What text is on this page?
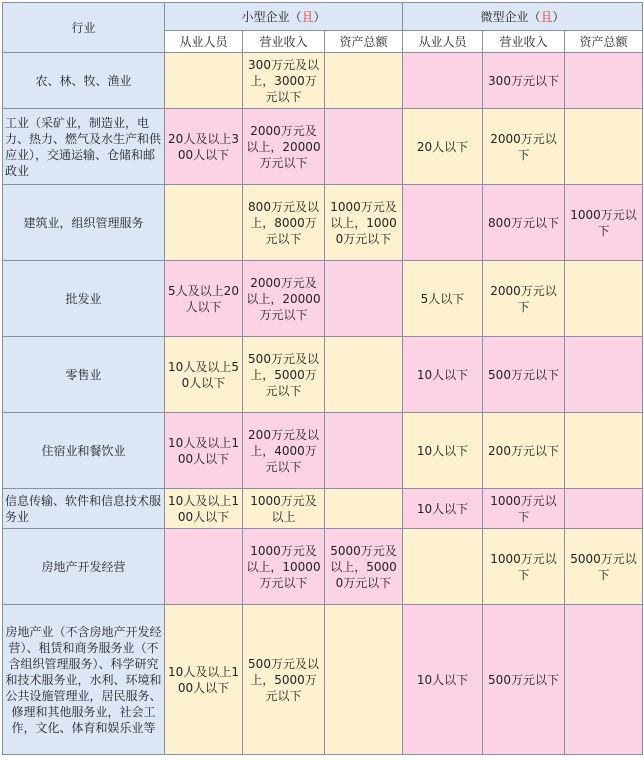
行业	小型企业（且）			微型企业（且）		
	从业人员	营业收入	资产总额	从业人员	营业收入	资产总额
农、林、牧、渔业		300万元及以上，3000万元以下			300万元以下	
工业（采矿业，制造业，电力、热力、燃气及水生产和供应业），交通运输、仓储和邮政业	20人及以上300人以下	2000万元及以上，20000万元以下		20人以下	2000万元以下	
建筑业，组织管理服务		800万元及以上，8000万元以下	1000万元及以上，10000万元以下		800万元以下	1000万元以下
批发业	5人及以上20人以下	2000万元及以上，20000万元以下		5人以下	2000万元以下	
零售业	10人及以上50人以下	500万元及以上，5000万元以下		10人以下	500万元以下	
住宿业和餐饮业	10人及以上100人以下	200万元及以上，4000万元以下		10人以下	200万元以下	
信息传输、软件和信息技术服务业	10人及以上100人以下	1000万元及以上		10人以下	1000万元以下	
房地产开发经营		1000万元及以上，10000万元以下	5000万元及以上，50000万元以下		1000万元以下	5000万元以下
房地产业（不含房地产开发经营）、租赁和商务服务业（不含组织管理服务）、科学研究和技术服务业，水利、环境和公共设施管理业，居民服务、修理和其他服务业，社会工作，文化、体育和娱乐业等	10人及以上100人以下	500万元及以上，5000万元以下		10人以下	500万元以下	
